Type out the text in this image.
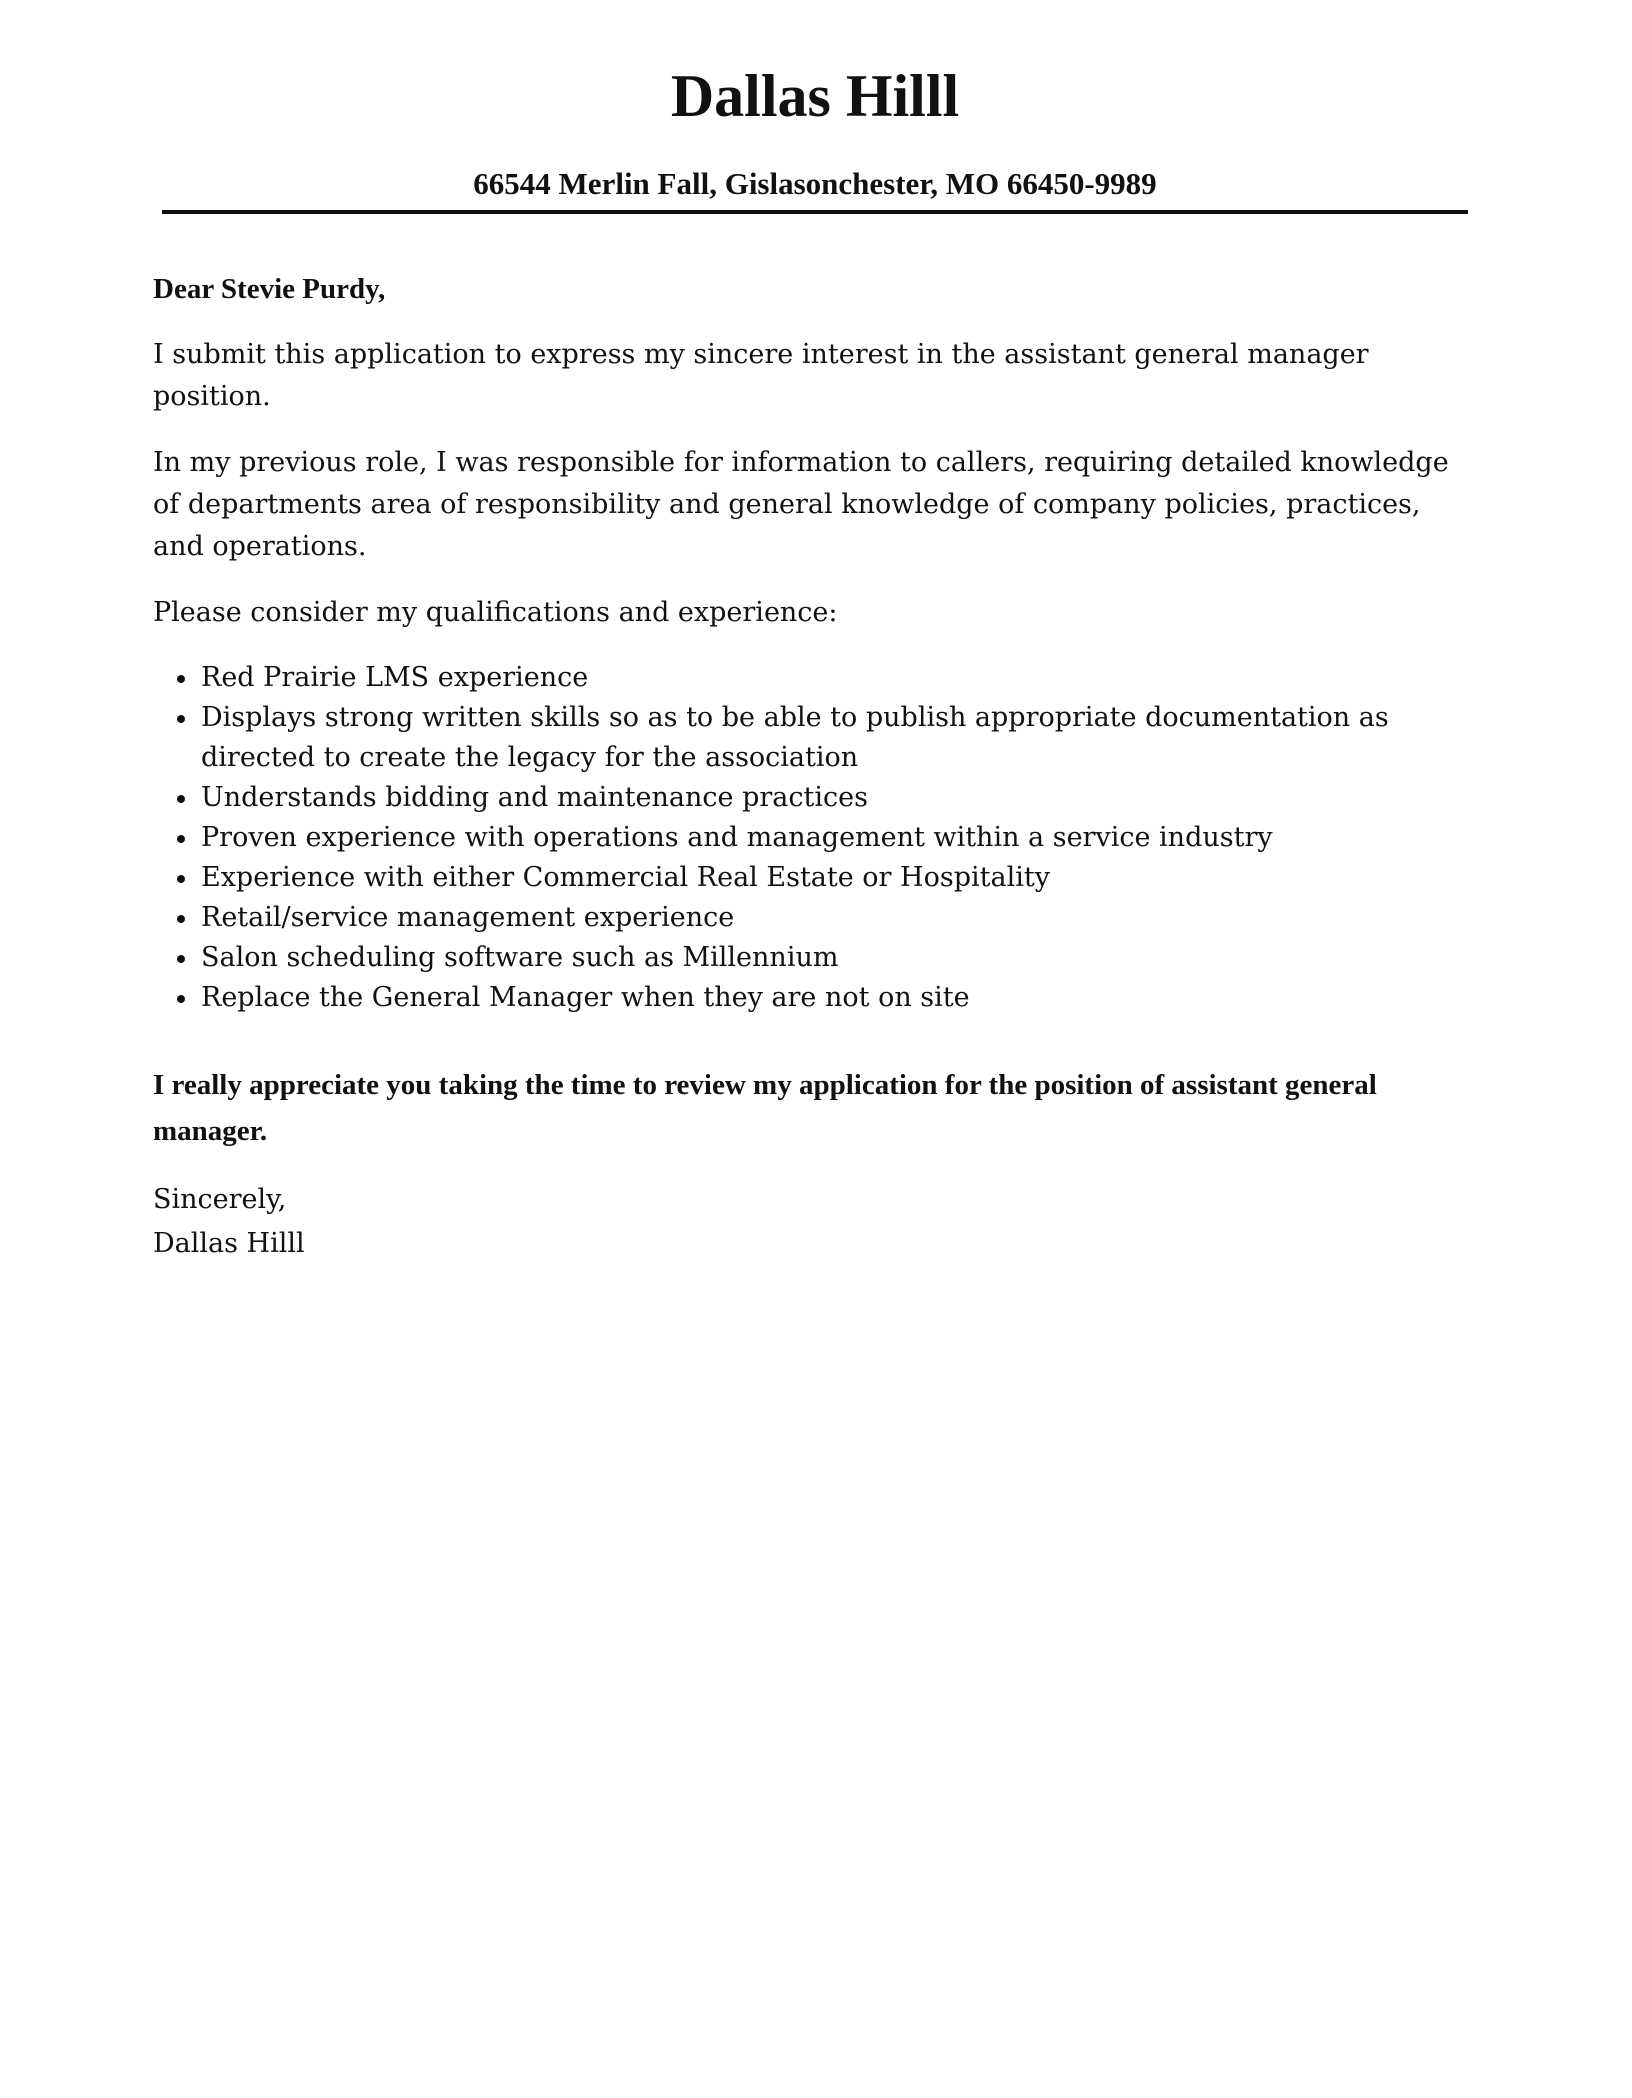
Dallas Hilll
66544 Merlin Fall, Gislasonchester, MO 66450-9989

Dear Stevie Purdy,

I submit this application to express my sincere interest in the assistant general manager position.

In my previous role, I was responsible for information to callers, requiring detailed knowledge of departments area of responsibility and general knowledge of company policies, practices, and operations.

Please consider my qualifications and experience:

Red Prairie LMS experience
Displays strong written skills so as to be able to publish appropriate documentation as directed to create the legacy for the association
Understands bidding and maintenance practices
Proven experience with operations and management within a service industry
Experience with either Commercial Real Estate or Hospitality
Retail/service management experience
Salon scheduling software such as Millennium
Replace the General Manager when they are not on site

I really appreciate you taking the time to review my application for the position of assistant general manager.

Sincerely,

Dallas Hilll
